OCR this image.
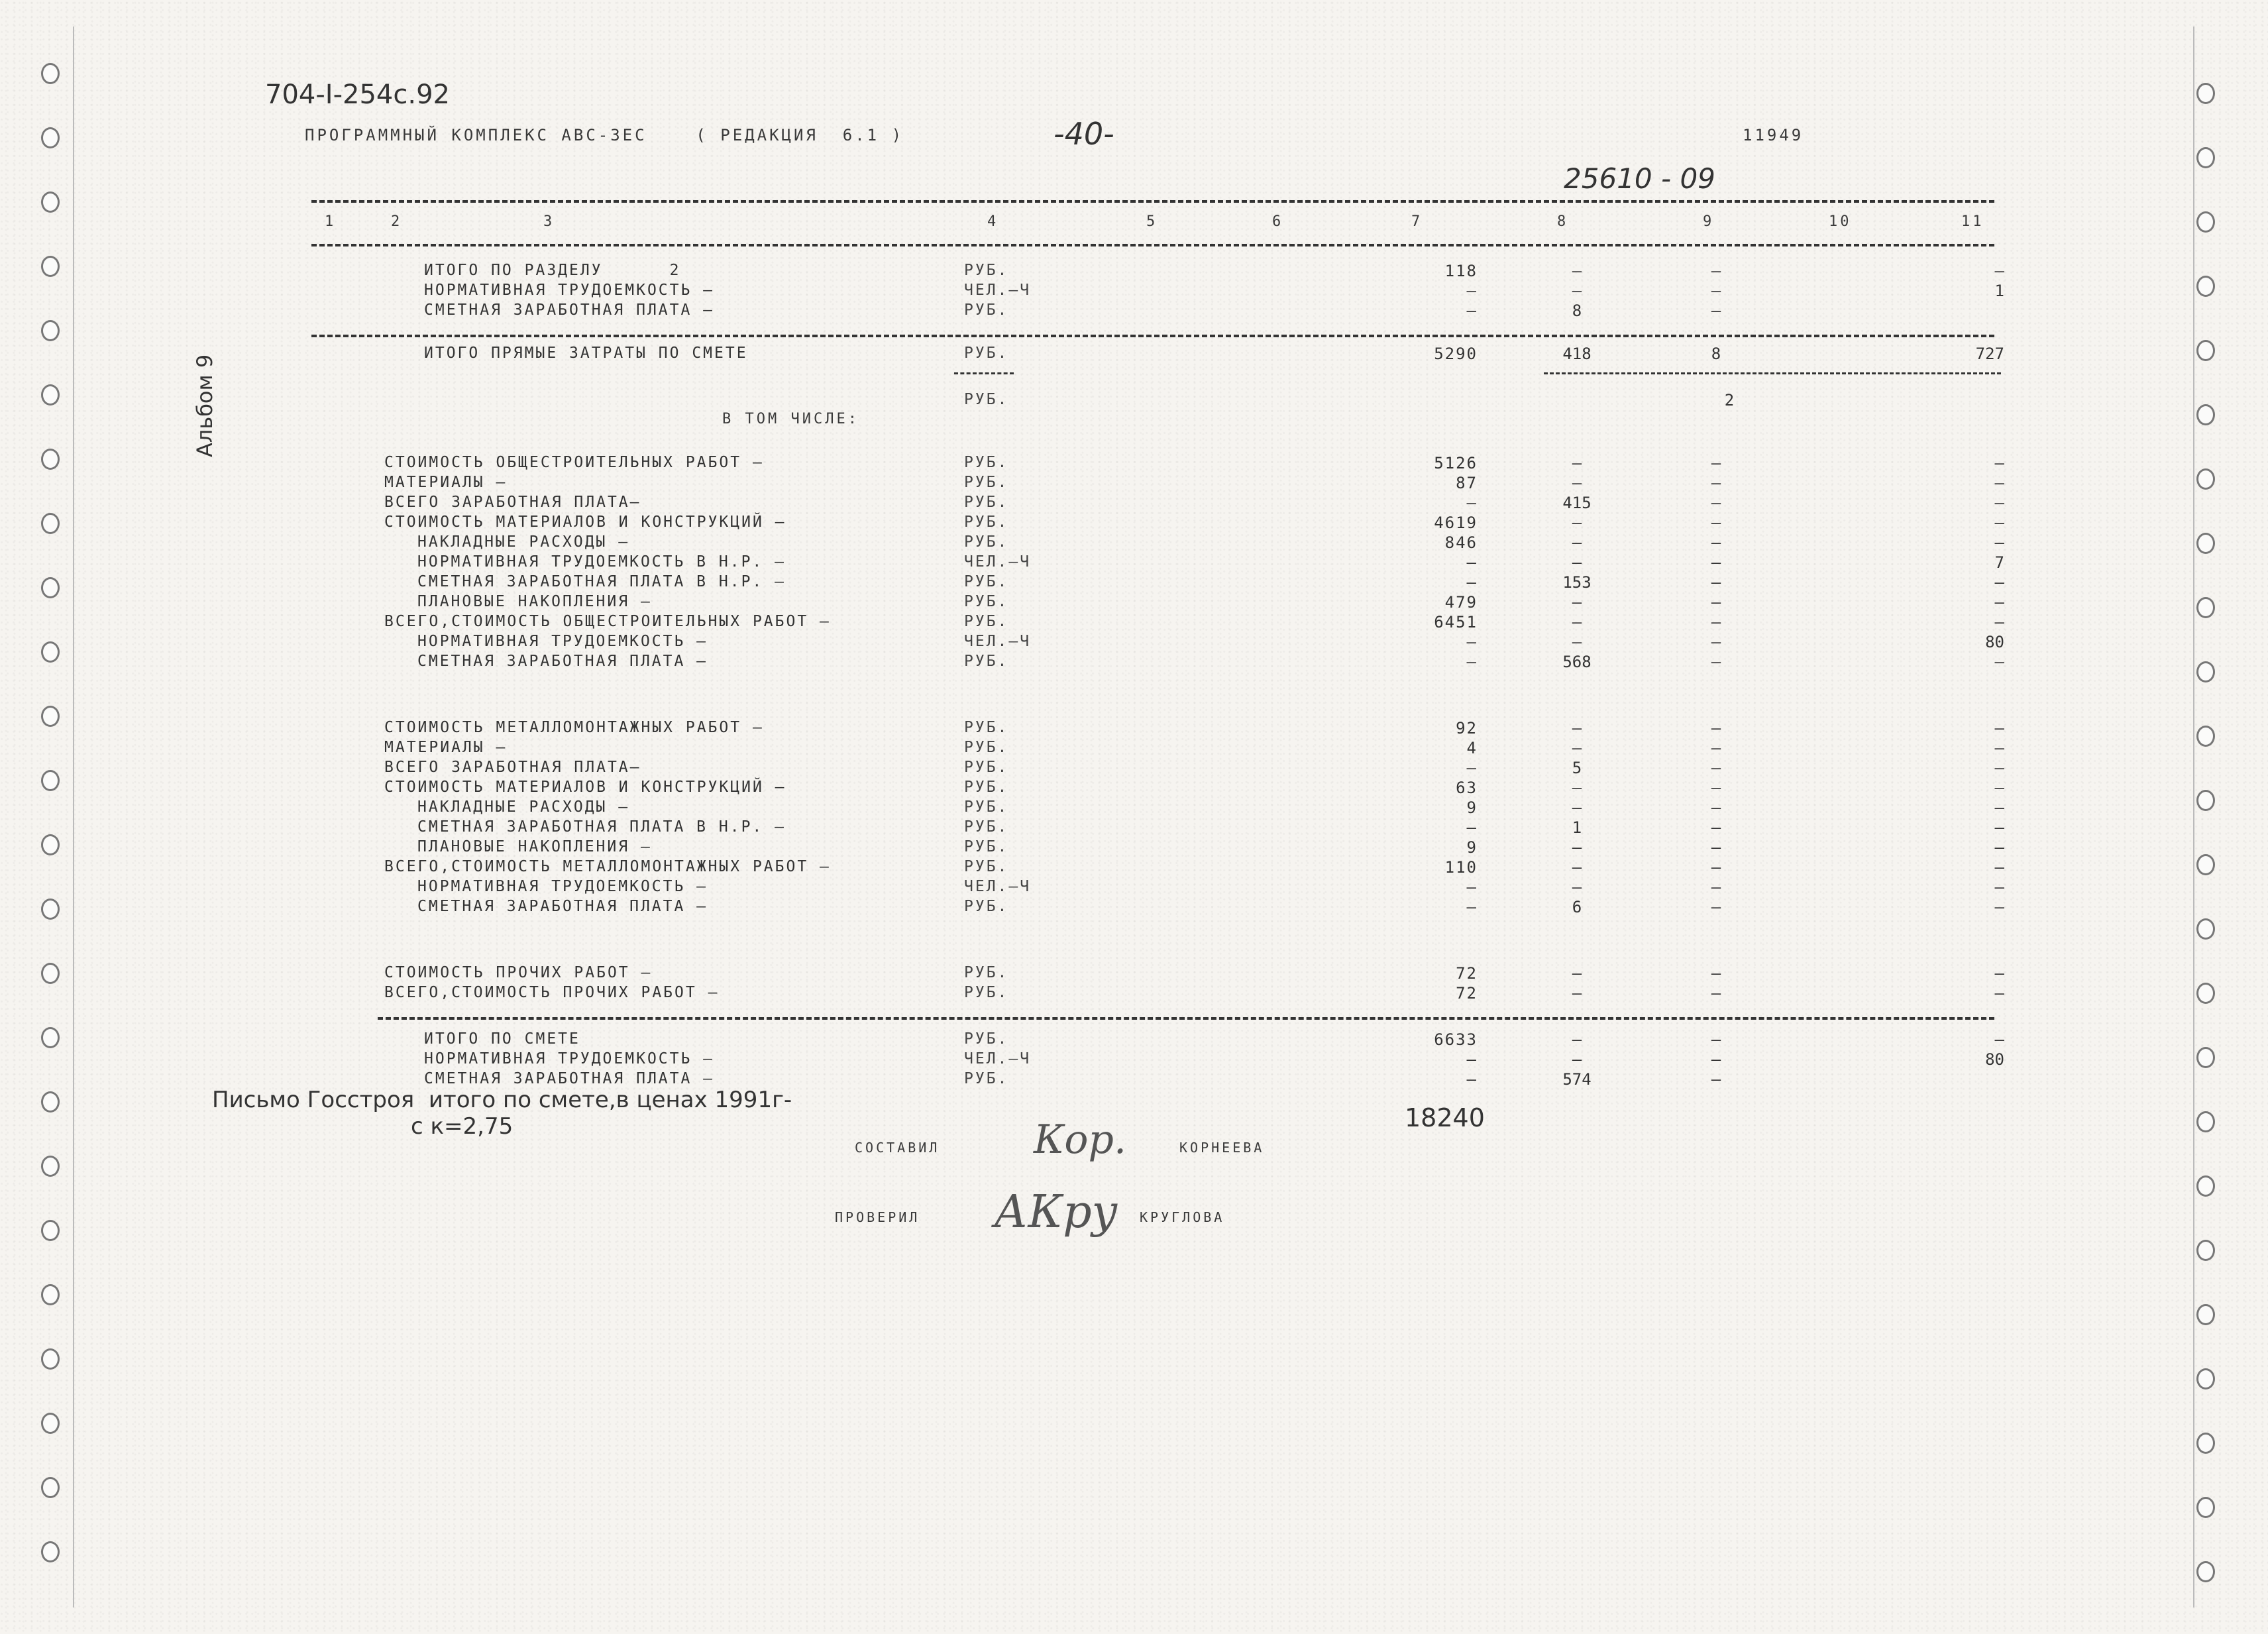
704-I-254с.92
ПРОГРАММНЫЙ КОМПЛЕКС АВС-ЗЕС    ( РЕДАКЦИЯ  6.1 )	-40-	11949
25610 - 09
Альбом 9
1	2	3	4	5	6	7	8	9	10	11
ИТОГО ПО РАЗДЕЛУ      2	РУБ.	118	–	–	–
НОРМАТИВНАЯ ТРУДОЕМКОСТЬ –	ЧЕЛ.–Ч	–	–	–	1
СМЕТНАЯ ЗАРАБОТНАЯ ПЛАТА –	РУБ.	–	8	–
ИТОГО ПРЯМЫЕ ЗАТРАТЫ ПО СМЕТЕ	РУБ.	5290	418	8	727
РУБ.	2
В ТОМ ЧИСЛЕ:
СТОИМОСТЬ ОБЩЕСТРОИТЕЛЬНЫХ РАБОТ –	РУБ.	5126	–	–	–
МАТЕРИАЛЫ –	РУБ.	87	–	–	–
ВСЕГО ЗАРАБОТНАЯ ПЛАТА–	РУБ.	–	415	–	–
СТОИМОСТЬ МАТЕРИАЛОВ И КОНСТРУКЦИЙ –	РУБ.	4619	–	–	–
НАКЛАДНЫЕ РАСХОДЫ –	РУБ.	846	–	–	–
НОРМАТИВНАЯ ТРУДОЕМКОСТЬ В Н.Р. –	ЧЕЛ.–Ч	–	–	–	7
СМЕТНАЯ ЗАРАБОТНАЯ ПЛАТА В Н.Р. –	РУБ.	–	153	–	–
ПЛАНОВЫЕ НАКОПЛЕНИЯ –	РУБ.	479	–	–	–
ВСЕГО,СТОИМОСТЬ ОБЩЕСТРОИТЕЛЬНЫХ РАБОТ –	РУБ.	6451	–	–	–
НОРМАТИВНАЯ ТРУДОЕМКОСТЬ –	ЧЕЛ.–Ч	–	–	–	80
СМЕТНАЯ ЗАРАБОТНАЯ ПЛАТА –	РУБ.	–	568	–	–
СТОИМОСТЬ МЕТАЛЛОМОНТАЖНЫХ РАБОТ –	РУБ.	92	–	–	–
МАТЕРИАЛЫ –	РУБ.	4	–	–	–
ВСЕГО ЗАРАБОТНАЯ ПЛАТА–	РУБ.	–	5	–	–
СТОИМОСТЬ МАТЕРИАЛОВ И КОНСТРУКЦИЙ –	РУБ.	63	–	–	–
НАКЛАДНЫЕ РАСХОДЫ –	РУБ.	9	–	–	–
СМЕТНАЯ ЗАРАБОТНАЯ ПЛАТА В Н.Р. –	РУБ.	–	1	–	–
ПЛАНОВЫЕ НАКОПЛЕНИЯ –	РУБ.	9	–	–	–
ВСЕГО,СТОИМОСТЬ МЕТАЛЛОМОНТАЖНЫХ РАБОТ –	РУБ.	110	–	–	–
НОРМАТИВНАЯ ТРУДОЕМКОСТЬ –	ЧЕЛ.–Ч	–	–	–	–
СМЕТНАЯ ЗАРАБОТНАЯ ПЛАТА –	РУБ.	–	6	–	–
СТОИМОСТЬ ПРОЧИХ РАБОТ –	РУБ.	72	–	–	–
ВСЕГО,СТОИМОСТЬ ПРОЧИХ РАБОТ –	РУБ.	72	–	–	–
ИТОГО ПО СМЕТЕ	РУБ.	6633	–	–	–
НОРМАТИВНАЯ ТРУДОЕМКОСТЬ –	ЧЕЛ.–Ч	–	–	–	80
СМЕТНАЯ ЗАРАБОТНАЯ ПЛАТА –	РУБ.	–	574	–
Письмо Госстроя  итого по смете,в ценах 1991г-
с к=2,75	18240
СОСТАВИЛ Кор.	КОРНЕЕВА
ПРОВЕРИЛ АКру КРУГЛОВА
